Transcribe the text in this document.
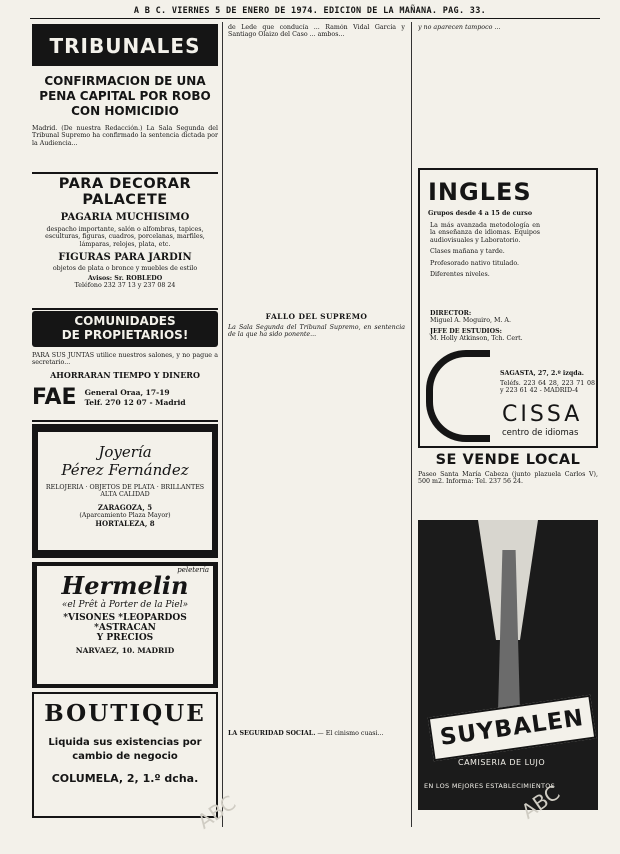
A B C. VIERNES 5 DE ENERO DE 1974. EDICION DE LA MAÑANA. PAG. 33.
TRIBUNALES
CONFIRMACION DE UNA PENA CAPITAL POR ROBO CON HOMICIDIO
Madrid. (De nuestra Redacción.) La Sala Segunda del Tribunal Supremo ha confirmado la sentencia dictada por la Audiencia...
PARA DECORAR PALACETE
PAGARIA MUCHISIMO
despacho importante, salón o alfombras, tapices, esculturas, figuras, cuadros, porcelanas, marfiles, lámparas, relojes, plata, etc.
FIGURAS PARA JARDIN
objetos de plata o bronce y muebles de estilo
Avisos: Sr. ROBLEDO
Teléfono 232 37 13 y 237 08 24
COMUNIDADES
DE PROPIETARIOS!
PARA SUS JUNTAS utilice nuestros salones, y no pague a secretario...
AHORRARAN TIEMPO Y DINERO
FAE General Oraa, 17-19
Telf. 270 12 07 - Madrid
Joyería
Pérez Fernández
RELOJERIA · OBJETOS DE PLATA · BRILLANTES ALTA CALIDAD
ZARAGOZA, 5
(Aparcamiento Plaza Mayor)
HORTALEZA, 8
peletería
Hermelin
«el Prêt à Porter de la Piel»
*VISONES *LEOPARDOS
*ASTRACAN
Y PRECIOS
NARVAEZ, 10. MADRID
BOUTIQUE
Liquida sus existencias por
cambio de negocio
COLUMELA, 2, 1.º dcha.
de Lede que conducía ... Ramón Vidal García y Santiago Olaizo del Caso ... ambos...
FALLO DEL SUPREMO
La Sala Segunda del Tribunal Supremo, en sentencia de la que ha sido ponente...
LA SEGURIDAD SOCIAL. — El cinismo cuasi...
y no aparecen tampoco ...
INGLES
Grupos desde 4 a 15 de curso
La más avanzada metodología en la enseñanza de idiomas. Equipos audiovisuales y Laboratorio.
Clases mañana y tarde.
Profesorado nativo titulado.
Diferentes niveles.
DIRECTOR:
Miguel A. Moguiro, M. A.
JEFE DE ESTUDIOS:
M. Holly Atkinson, Tch. Cert.
SAGASTA, 27, 2.º izqda.
Teléfs. 223 64 28, 223 71 08 y 223 61 42 - MADRID-4
CISSA
centro de idiomas
SE VENDE LOCAL
Paseo Santa María Cabeza (junto plazuela Carlos V), 500 m2. Informa: Tel. 237 56 24.
SUYBALEN
CAMISERIA DE LUJO
EN LOS MEJORES ESTABLECIMIENTOS
ABC	ABC
